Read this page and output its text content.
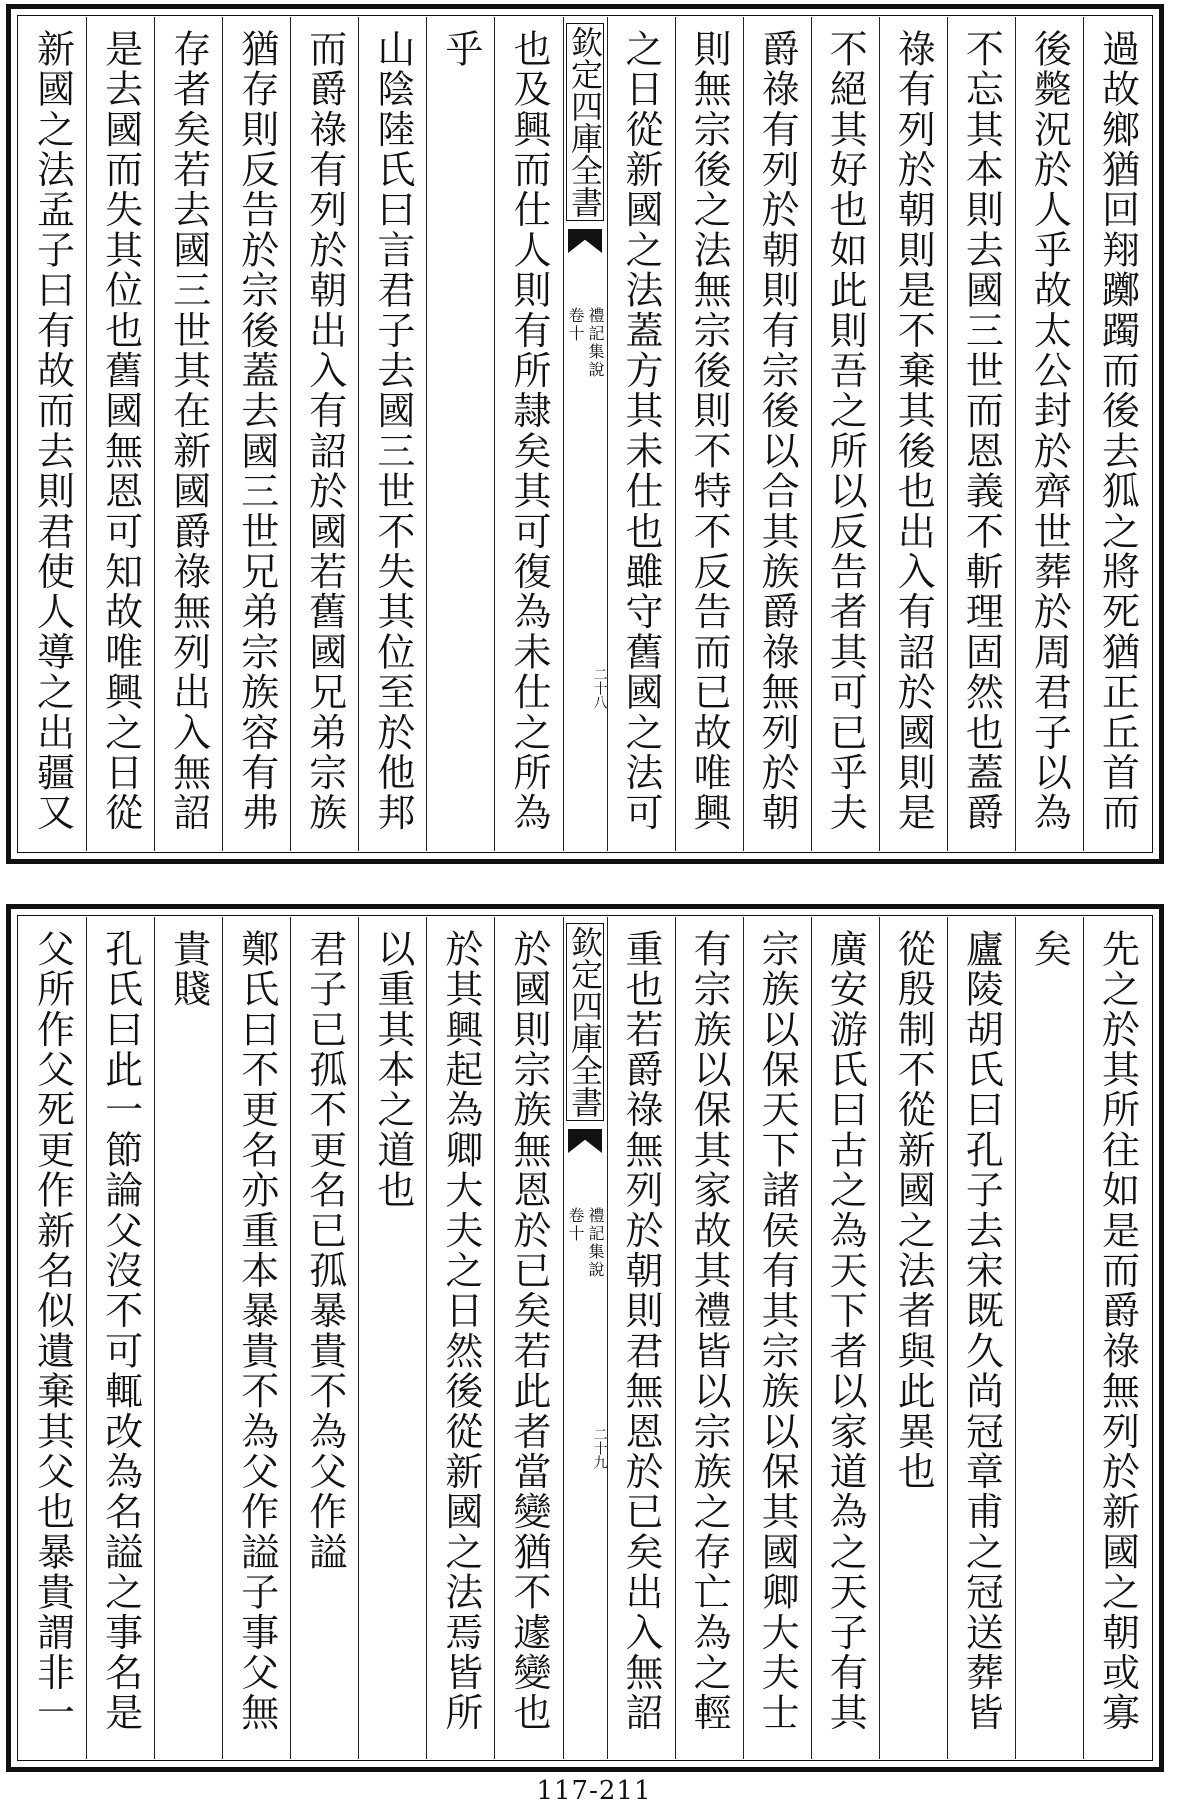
過故鄉猶回翔躑躅而後去狐之將死猶正丘首而
後斃況於人乎故太公封於齊世葬於周君子以為
不忘其本則去國三世而恩義不斬理固然也蓋爵
祿有列於朝則是不棄其後也出入有詔於國則是
不絕其好也如此則吾之所以反告者其可已乎夫
爵祿有列於朝則有宗後以合其族爵祿無列於朝
則無宗後之法無宗後則不特不反告而已故唯興
之日從新國之法蓋方其未仕也雖守舊國之法可
欽定四庫全書
禮記集說
卷十
二十八
也及興而仕人則有所隷矣其可復為未仕之所為
乎
山陰陸氏曰言君子去國三世不失其位至於他邦
而爵祿有列於朝出入有詔於國若舊國兄弟宗族
猶存則反告於宗後蓋去國三世兄弟宗族容有弗
存者矣若去國三世其在新國爵祿無列出入無詔
是去國而失其位也舊國無恩可知故唯興之日從
新國之法孟子曰有故而去則君使人導之出疆又
先之於其所往如是而爵祿無列於新國之朝或寡
矣
廬陵胡氏曰孔子去宋既久尚冠章甫之冠送葬皆
從殷制不從新國之法者與此異也
廣安游氏曰古之為天下者以家道為之天子有其
宗族以保天下諸侯有其宗族以保其國卿大夫士
有宗族以保其家故其禮皆以宗族之存亡為之輕
重也若爵祿無列於朝則君無恩於已矣出入無詔
欽定四庫全書
禮記集說
卷十
二十九
於國則宗族無恩於已矣若此者當變猶不遽變也
於其興起為卿大夫之日然後從新國之法焉皆所
以重其本之道也
君子已孤不更名已孤暴貴不為父作謚
鄭氏曰不更名亦重本暴貴不為父作謚子事父無
貴賤
孔氏曰此一節論父沒不可輒改為名謚之事名是
父所作父死更作新名似遺棄其父也暴貴謂非一
117-211
